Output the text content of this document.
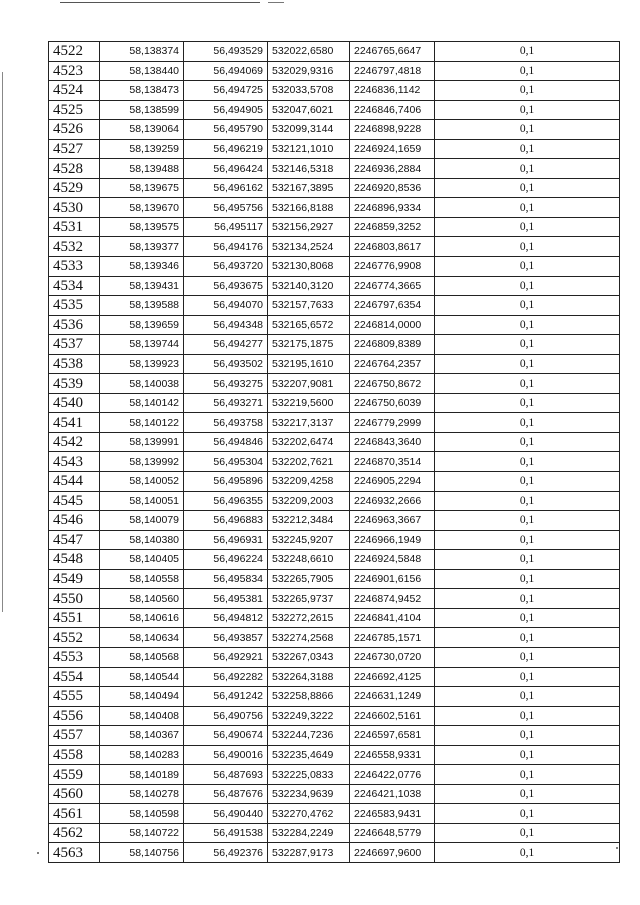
4522	58,138374	56,493529	532022,6580	2246765,6647	0,1
4523	58,138440	56,494069	532029,9316	2246797,4818	0,1
4524	58,138473	56,494725	532033,5708	2246836,1142	0,1
4525	58,138599	56,494905	532047,6021	2246846,7406	0,1
4526	58,139064	56,495790	532099,3144	2246898,9228	0,1
4527	58,139259	56,496219	532121,1010	2246924,1659	0,1
4528	58,139488	56,496424	532146,5318	2246936,2884	0,1
4529	58,139675	56,496162	532167,3895	2246920,8536	0,1
4530	58,139670	56,495756	532166,8188	2246896,9334	0,1
4531	58,139575	56,495117	532156,2927	2246859,3252	0,1
4532	58,139377	56,494176	532134,2524	2246803,8617	0,1
4533	58,139346	56,493720	532130,8068	2246776,9908	0,1
4534	58,139431	56,493675	532140,3120	2246774,3665	0,1
4535	58,139588	56,494070	532157,7633	2246797,6354	0,1
4536	58,139659	56,494348	532165,6572	2246814,0000	0,1
4537	58,139744	56,494277	532175,1875	2246809,8389	0,1
4538	58,139923	56,493502	532195,1610	2246764,2357	0,1
4539	58,140038	56,493275	532207,9081	2246750,8672	0,1
4540	58,140142	56,493271	532219,5600	2246750,6039	0,1
4541	58,140122	56,493758	532217,3137	2246779,2999	0,1
4542	58,139991	56,494846	532202,6474	2246843,3640	0,1
4543	58,139992	56,495304	532202,7621	2246870,3514	0,1
4544	58,140052	56,495896	532209,4258	2246905,2294	0,1
4545	58,140051	56,496355	532209,2003	2246932,2666	0,1
4546	58,140079	56,496883	532212,3484	2246963,3667	0,1
4547	58,140380	56,496931	532245,9207	2246966,1949	0,1
4548	58,140405	56,496224	532248,6610	2246924,5848	0,1
4549	58,140558	56,495834	532265,7905	2246901,6156	0,1
4550	58,140560	56,495381	532265,9737	2246874,9452	0,1
4551	58,140616	56,494812	532272,2615	2246841,4104	0,1
4552	58,140634	56,493857	532274,2568	2246785,1571	0,1
4553	58,140568	56,492921	532267,0343	2246730,0720	0,1
4554	58,140544	56,492282	532264,3188	2246692,4125	0,1
4555	58,140494	56,491242	532258,8866	2246631,1249	0,1
4556	58,140408	56,490756	532249,3222	2246602,5161	0,1
4557	58,140367	56,490674	532244,7236	2246597,6581	0,1
4558	58,140283	56,490016	532235,4649	2246558,9331	0,1
4559	58,140189	56,487693	532225,0833	2246422,0776	0,1
4560	58,140278	56,487676	532234,9639	2246421,1038	0,1
4561	58,140598	56,490440	532270,4762	2246583,9431	0,1
4562	58,140722	56,491538	532284,2249	2246648,5779	0,1
4563	58,140756	56,492376	532287,9173	2246697,9600	0,1
